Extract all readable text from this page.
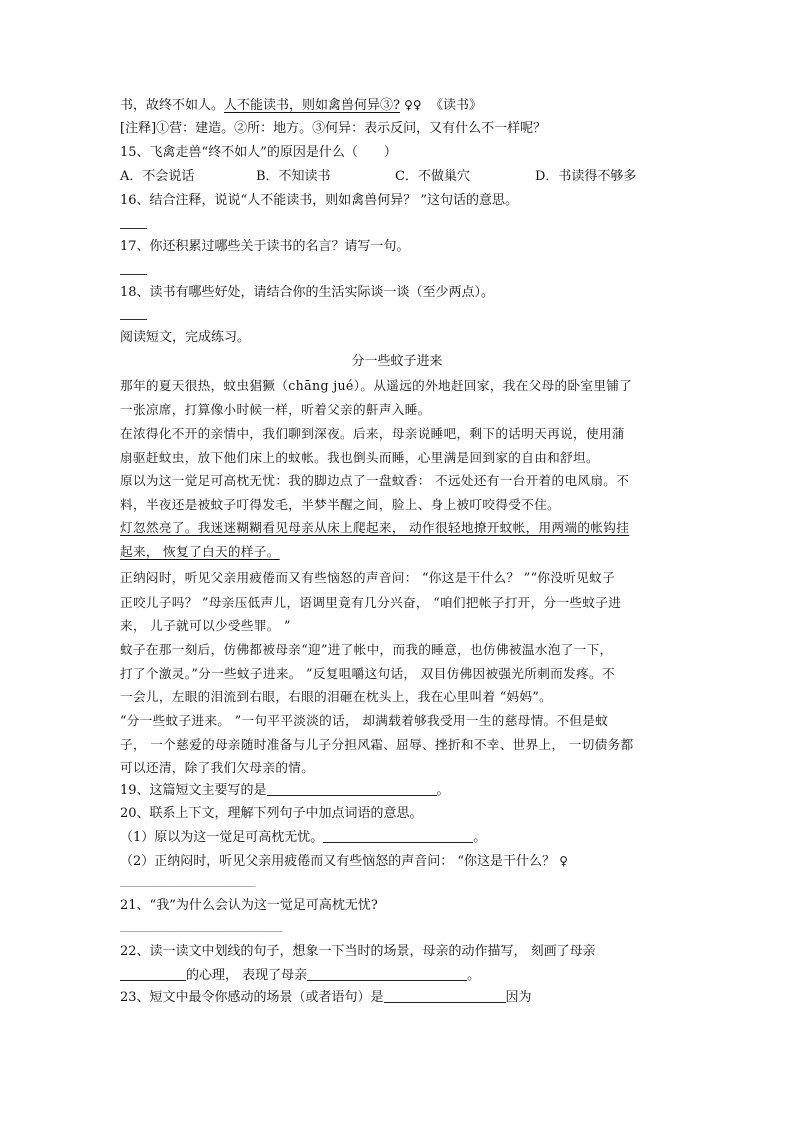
书，故终不如人。人不能读书，则如禽兽何异③? ♀♀ 《读书》
[注释]①营：建造。②所：地方。③何异：表示反问，又有什么不一样呢？
15、飞禽走兽“终不如人”的原因是什么（　　）
A．不会说话	B．不知读书	C．不做巢穴	D．书读得不够多
16、结合注释，说说“人不能读书，则如禽兽何异？ ”这句话的意思。
17、你还积累过哪些关于读书的名言？请写一句。
18、读书有哪些好处，请结合你的生活实际谈一谈（至少两点）。
阅读短文，完成练习。
分一些蚊子进来
那年的夏天很热，蚊虫猖獗（chāng jué）。从遥远的外地赶回家，我在父母的卧室里铺了
一张凉席，打算像小时候一样，听着父亲的鼾声入睡。
在浓得化不开的亲情中，我们聊到深夜。后来，母亲说睡吧，剩下的话明天再说，使用蒲
扇驱赶蚊虫，放下他们床上的蚊帐。我也倒头而睡，心里满是回到家的自由和舒坦。
原以为这一觉足可高枕无忧：我的脚边点了一盘蚊香： 不远处还有一台开着的电风扇。不
料，半夜还是被蚊子叮得发毛，半梦半醒之间，脸上、身上被叮咬得受不住。
灯忽然亮了。我迷迷糊糊看见母亲从床上爬起来， 动作很轻地撩开蚊帐，用两端的帐钩挂
起来， 恢复了白天的样子。
正纳闷时，听见父亲用疲倦而又有些恼怒的声音问： “你这是干什么？ ”“你没听见蚊子
正咬儿子吗？ ”母亲压低声儿，语调里竟有几分兴奋， “咱们把帐子打开，分一些蚊子进
来， 儿子就可以少受些罪。 ”
蚊子在那一刻后，仿佛都被母亲“迎”进了帐中，而我的睡意，也仿佛被温水泡了一下，
打了个激灵。”分一些蚊子进来。 ”反复咀嚼这句话， 双目仿佛因被强光所刺而发疼。不
一会儿，左眼的泪流到右眼，右眼的泪砸在枕头上，我在心里叫着 “妈妈”。
“分一些蚊子进来。 ”一句平平淡淡的话， 却满载着够我受用一生的慈母情。不但是蚊
子， 一个慈爱的母亲随时准备与儿子分担风霜、屈辱、挫折和不幸、世界上， 一切债务都
可以还清，除了我们欠母亲的情。
19、这篇短文主要写的是	。
20、联系上下文，理解下列句子中加点词语的意思。
（1）原以为这一觉足可高枕无忧。	。
（2）正纳闷时，听见父亲用疲倦而又有些恼怒的声音问： “你这是干什么？ ♀
______________________________
21、“我”为什么会认为这一觉足可高枕无忧?
____________________________________
22、读一读文中划线的句子，想象一下当时的场景，母亲的动作描写， 刻画了母亲
的心理， 表现了母亲	。
23、短文中最令你感动的场景（或者语句）是	因为
